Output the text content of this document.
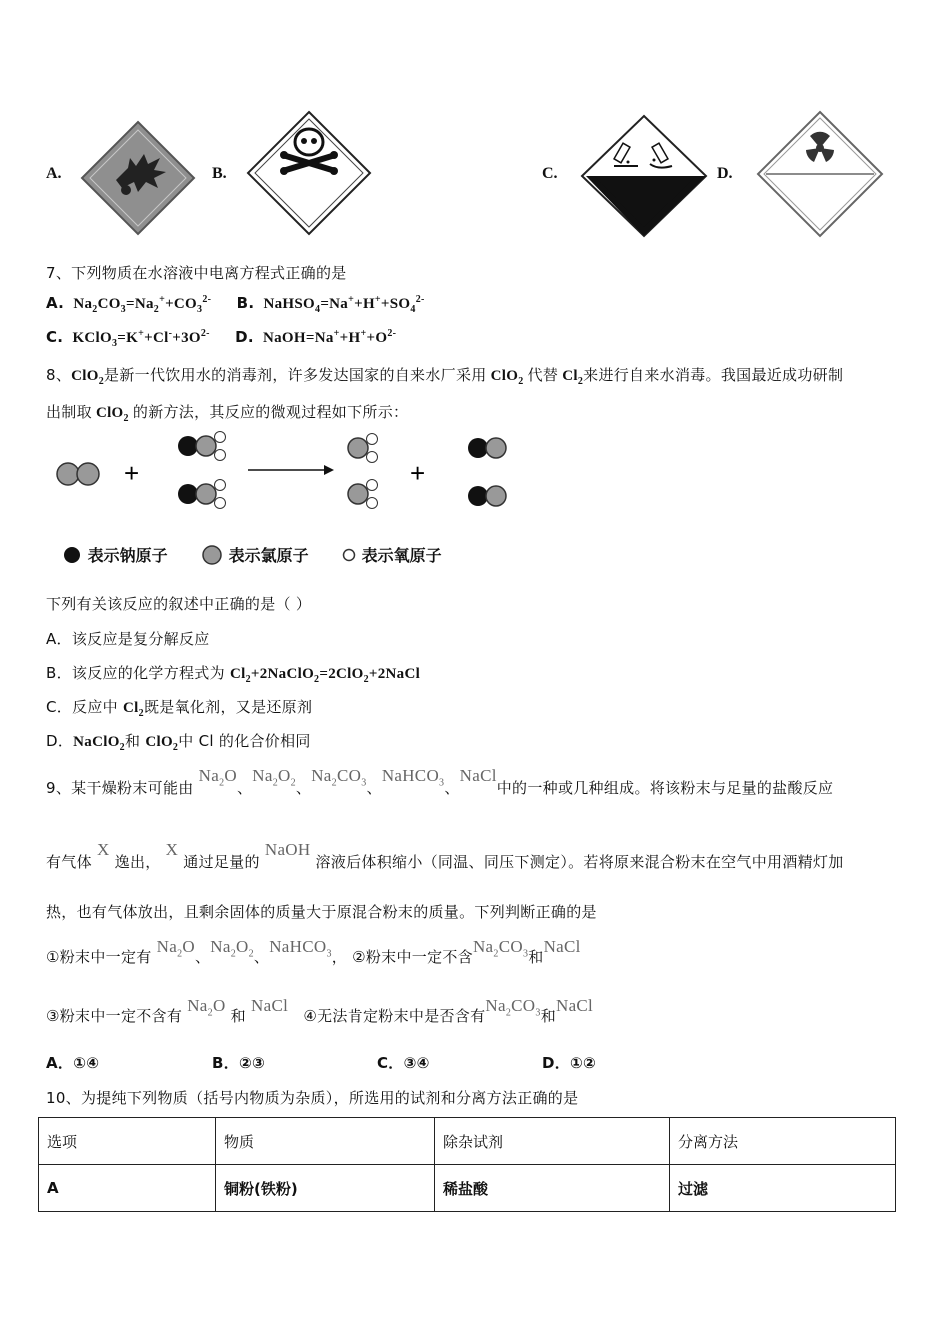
A.	B.	C.	D.
7、下列物质在水溶液中电离方程式正确的是
A.  $Na_2CO_3=Na_2^++CO_3^{2-}$ B.  $NaHSO_4=Na^++H^++SO_4^{2-}$
C.  $KClO_3=K^++Cl^-+3O^{2-}$ D.  $NaOH=Na^++H^++O^{2-}$
8、ClO$_2$是新一代饮用水的消毒剂，许多发达国家的自来水厂采用 ClO$_2$ 代替 $Cl_2$来进行自来水消毒。我国最近成功研制
出制取 ClO$_2$ 的新方法，其反应的微观过程如下所示：
+	+
表示钠原子	表示氯原子	表示氧原子
下列有关该反应的叙述中正确的是（ ）
A．该反应是复分解反应
B．该反应的化学方程式为 $Cl_2+2NaClO_2=2ClO_2+2NaCl$
C．反应中 $Cl_2$既是氧化剂，又是还原剂
D．NaClO$_2$和 ClO$_2$中 Cl 的化合价相同
9、某干燥粉末可能由 $Na_2O$、$Na_2O_2$、$Na_2CO_3$、NaHCO$_3$、NaCl中的一种或几种组成。将该粉末与足量的盐酸反应
有气体 X 逸出， X 通过足量的 NaOH 溶液后体积缩小（同温、同压下测定）。若将原来混合粉末在空气中用酒精灯加
热，也有气体放出，且剩余固体的质量大于原混合粉末的质量。下列判断正确的是
①粉末中一定有 $Na_2O$、$Na_2O_2$、NaHCO$_3$， ②粉末中一定不含$Na_2CO_3$和NaCl
③粉末中一定不含有 $Na_2O$ 和 NaCl   ④无法肯定粉末中是否含有$Na_2CO_3$和NaCl
A．①④	B．②③	C．③④	D．①②
10、为提纯下列物质（括号内物质为杂质），所选用的试剂和分离方法正确的是
选项	物质	除杂试剂	分离方法
A	铜粉(铁粉)	稀盐酸	过滤
